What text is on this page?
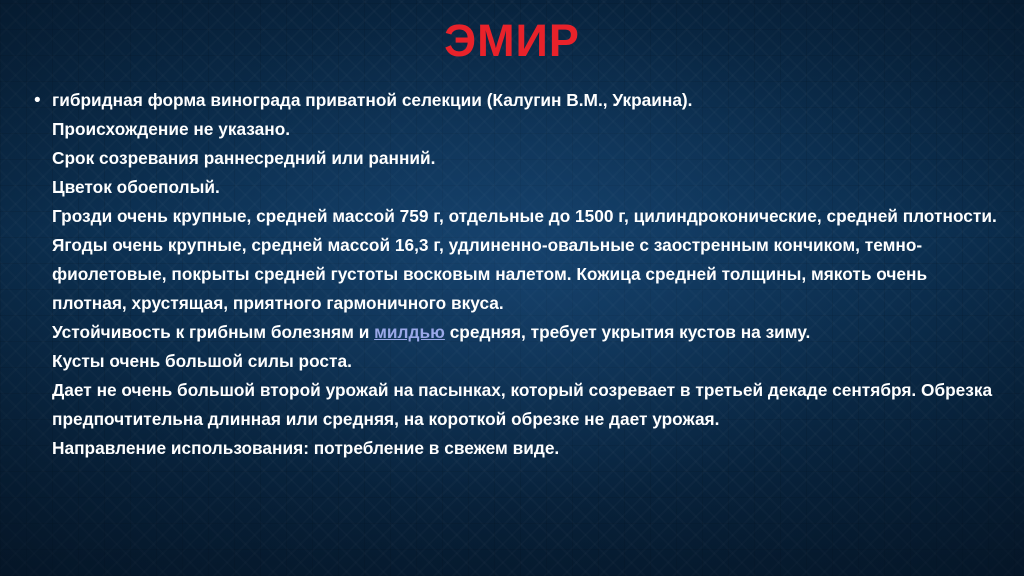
ЭМИР
• гибридная форма винограда приватной селекции (Калугин В.М., Украина).

Происхождение не указано.

Срок созревания раннесредний или ранний.

Цветок обоеполый.

Грозди очень крупные, средней массой 759 г, отдельные до 1500 г, цилиндроконические, средней плотности.

Ягоды очень крупные, средней массой 16,3 г, удлиненно-овальные с заостренным кончиком, темно-фиолетовые, покрыты средней густоты восковым налетом. Кожица средней толщины, мякоть очень плотная, хрустящая, приятного гармоничного вкуса.

Устойчивость к грибным болезням и милдью средняя, требует укрытия кустов на зиму.

Кусты очень большой силы роста.

Дает не очень большой второй урожай на пасынках, который созревает в третьей декаде сентября. Обрезка предпочтительна длинная или средняя, на короткой обрезке не дает урожая.

Направление использования: потребление в свежем виде.
